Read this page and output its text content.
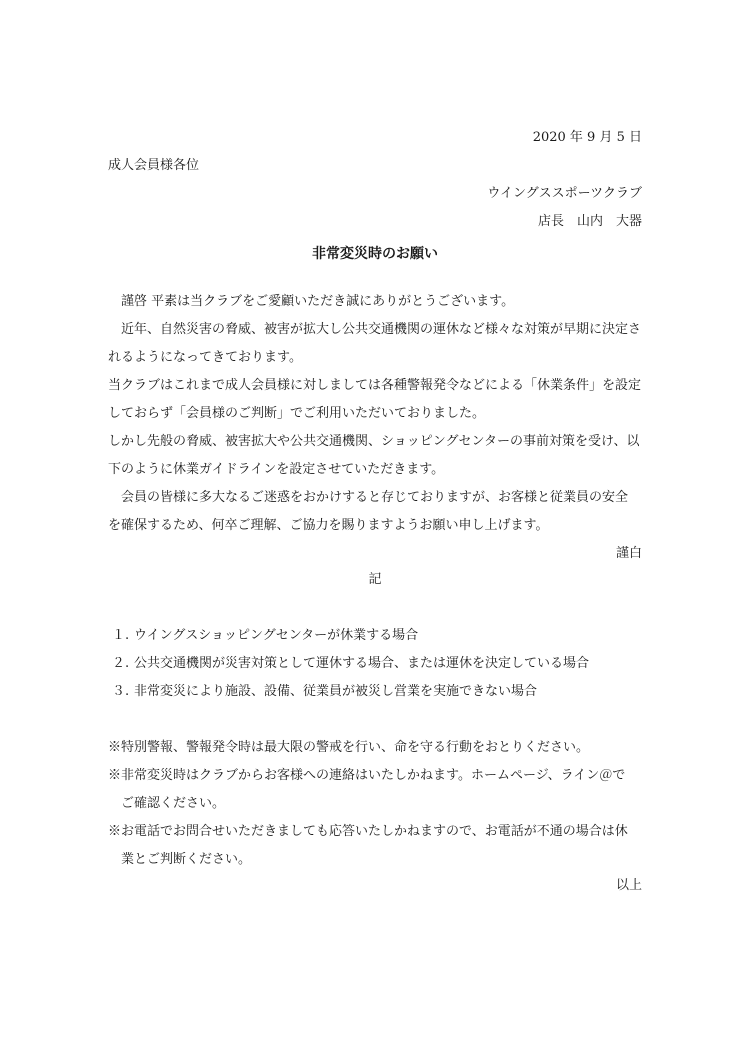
2020 年 9 月 5 日
成人会員様各位
ウイングススポーツクラブ
店長　山内　大器
非常変災時のお願い
　謹啓 平素は当クラブをご愛顧いただき誠にありがとうございます。
　近年、自然災害の脅威、被害が拡大し公共交通機関の運休など様々な対策が早期に決定さ
れるようになってきております。
当クラブはこれまで成人会員様に対しましては各種警報発令などによる「休業条件」を設定
しておらず「会員様のご判断」でご利用いただいておりました。
しかし先般の脅威、被害拡大や公共交通機関、ショッピングセンターの事前対策を受け、以
下のように休業ガイドラインを設定させていただきます。
　会員の皆様に多大なるご迷惑をおかけすると存じておりますが、お客様と従業員の安全
を確保するため、何卒ご理解、ご協力を賜りますようお願い申し上げます。
謹白
記
１. ウイングスショッピングセンターが休業する場合
２. 公共交通機関が災害対策として運休する場合、または運休を決定している場合
３. 非常変災により施設、設備、従業員が被災し営業を実施できない場合
※特別警報、警報発令時は最大限の警戒を行い、命を守る行動をおとりください。
※非常変災時はクラブからお客様への連絡はいたしかねます。ホームページ、ライン＠で
　ご確認ください。
※お電話でお問合せいただきましても応答いたしかねますので、お電話が不通の場合は休
　業とご判断ください。
以上
